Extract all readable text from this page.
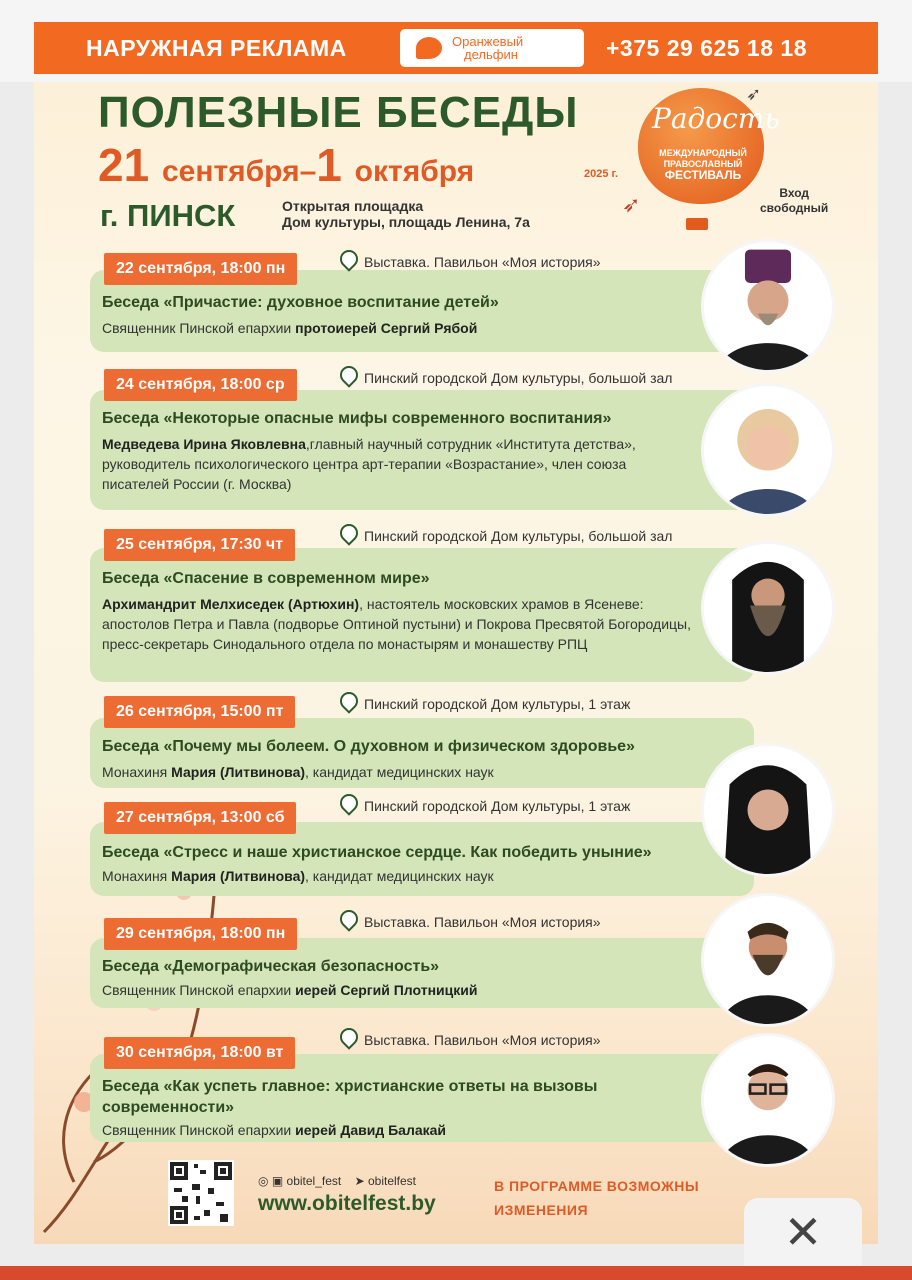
НАРУЖНАЯ РЕКЛАМА	Оранжевый
дельфин	+375 29 625 18 18
ПОЛЕЗНЫЕ БЕСЕДЫ
21 сентября–1 октября	2025 г.
г. ПИНСК	Открытая площадка
Дом культуры, площадь Ленина, 7а
Радость
МЕЖДУНАРОДНЫЙ
ПРАВОСЛАВНЫЙ
ФЕСТИВАЛЬ
➶
➶	Вход
свободный
22 сентября, 18:00 пн	Выставка. Павильон «Моя история»
Беседа «Причастие: духовное воспитание детей»
Священник Пинской епархии протоиерей Сергий Рябой
24 сентября, 18:00 ср	Пинский городской Дом культуры, большой зал
Беседа «Некоторые опасные мифы современного воспитания»
Медведева Ирина Яковлевна,главный научный сотрудник «Института детства», руководитель психологического центра арт-терапии «Возрастание», член союза писателей России (г. Москва)
25 сентября, 17:30 чт	Пинский городской Дом культуры, большой зал
Беседа «Спасение в современном мире»
Архимандрит Мелхиседек (Артюхин), настоятель московских храмов в Ясеневе: апостолов Петра и Павла (подворье Оптиной пустыни) и Покрова Пресвятой Богородицы, пресс-секретарь Синодального отдела по монастырям и монашеству РПЦ
26 сентября, 15:00 пт	Пинский городской Дом культуры, 1 этаж
Беседа «Почему мы болеем. О духовном и физическом здоровье»
Монахиня Мария (Литвинова), кандидат медицинских наук
27 сентября, 13:00 сб
Пинский городской Дом культуры, 1 этаж
Беседа «Стресс и наше христианское сердце. Как победить уныние»
Монахиня Мария (Литвинова), кандидат медицинских наук
29 сентября, 18:00 пн
Выставка. Павильон «Моя история»
Беседа «Демографическая безопасность»
Священник Пинской епархии иерей Сергий Плотницкий
30 сентября, 18:00 вт
Выставка. Павильон «Моя история»
Беседа «Как успеть главное: христианские ответы на вызовы современности»
Священник Пинской епархии иерей Давид Балакай
◎ ▣ obitel_fest ➤ obitelfest
www.obitelfest.by
В ПРОГРАММЕ ВОЗМОЖНЫ
ИЗМЕНЕНИЯ	✕
